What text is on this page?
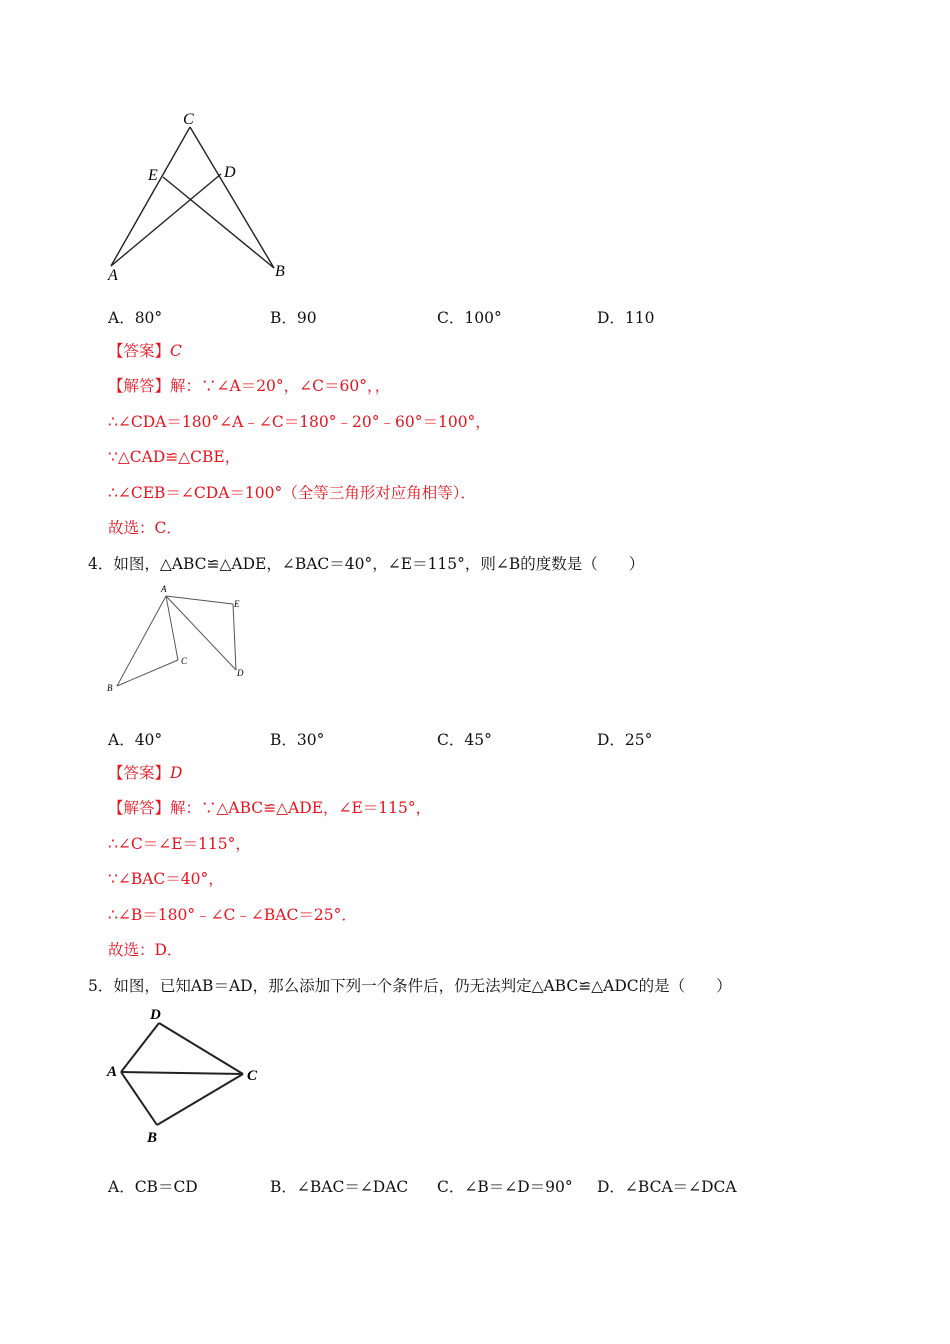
C
E	D
A	B
A．80°	B．90	C．100°	D．110
【答案】C
【解答】解：∵∠A＝20°，∠C＝60°，，
∴∠CDA＝180°∠A﹣∠C＝180°﹣20°﹣60°＝100°，
∵△CAD≌△CBE，
∴∠CEB＝∠CDA＝100°（全等三角形对应角相等）．
故选：C．
4．如图，△ABC≌△ADE，∠BAC＝40°，∠E＝115°，则∠B的度数是（　　）
A
E
C
D
B
A．40°	B．30°	C．45°	D．25°
【答案】D
【解答】解：∵△ABC≌△ADE，∠E＝115°，
∴∠C＝∠E＝115°，
∵∠BAC＝40°，
∴∠B＝180°﹣∠C﹣∠BAC＝25°．
故选：D．
5．如图，已知AB＝AD，那么添加下列一个条件后，仍无法判定△ABC≌△ADC的是（　　）
D
A	C
B
A．CB＝CD	B．∠BAC＝∠DAC C．∠B＝∠D＝90° D．∠BCA＝∠DCA
